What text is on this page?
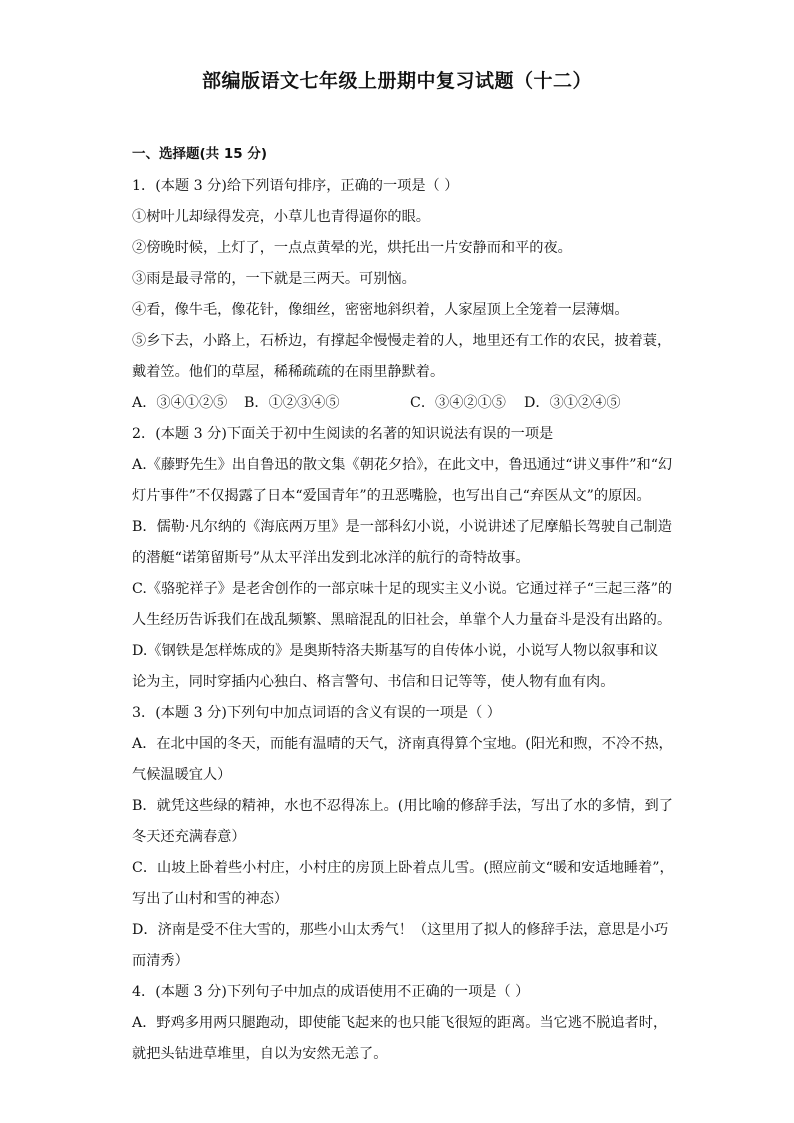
部编版语文七年级上册期中复习试题（十二）
一、选择题(共 15 分)
1．(本题 3 分)给下列语句排序，正确的一项是（ ）
①树叶儿却绿得发亮，小草儿也青得逼你的眼。
②傍晚时候，上灯了，一点点黄晕的光，烘托出一片安静而和平的夜。
③雨是最寻常的，一下就是三两天。可别恼。
④看，像牛毛，像花针，像细丝，密密地斜织着，人家屋顶上全笼着一层薄烟。
⑤乡下去，小路上，石桥边，有撑起伞慢慢走着的人，地里还有工作的农民，披着蓑，
戴着笠。他们的草屋，稀稀疏疏的在雨里静默着。
A．③④①②⑤	B．①②③④⑤	C．③④②①⑤	D．③①②④⑤
2．(本题 3 分)下面关于初中生阅读的名著的知识说法有误的一项是
A.《藤野先生》出自鲁迅的散文集《朝花夕拾》，在此文中，鲁迅通过“讲义事件”和“幻
灯片事件”不仅揭露了日本“爱国青年”的丑恶嘴脸，也写出自己“弃医从文”的原因。
B．儒勒·凡尔纳的《海底两万里》是一部科幻小说，小说讲述了尼摩船长驾驶自己制造
的潜艇“诺第留斯号”从太平洋出发到北冰洋的航行的奇特故事。
C.《骆驼祥子》是老舍创作的一部京味十足的现实主义小说。它通过祥子“三起三落”的
人生经历告诉我们在战乱频繁、黑暗混乱的旧社会，单靠个人力量奋斗是没有出路的。
D.《钢铁是怎样炼成的》是奥斯特洛夫斯基写的自传体小说，小说写人物以叙事和议
论为主，同时穿插内心独白、格言警句、书信和日记等等，使人物有血有肉。
3．(本题 3 分)下列句中加点词语的含义有误的一项是（ ）
A．在北中国的冬天，而能有温晴的天气，济南真得算个宝地。(阳光和煦，不冷不热，
气候温暖宜人）
B．就凭这些绿的精神，水也不忍得冻上。(用比喻的修辞手法，写出了水的多情，到了
冬天还充满春意）
C．山坡上卧着些小村庄，小村庄的房顶上卧着点儿雪。(照应前文“暖和安适地睡着”，
写出了山村和雪的神态）
D．济南是受不住大雪的，那些小山太秀气！（这里用了拟人的修辞手法，意思是小巧
而清秀）
4．(本题 3 分)下列句子中加点的成语使用不正确的一项是（ ）
A．野鸡多用两只腿跑动，即使能飞起来的也只能飞很短的距离。当它逃不脱追者时，
就把头钻进草堆里，自以为安然无恙了。
